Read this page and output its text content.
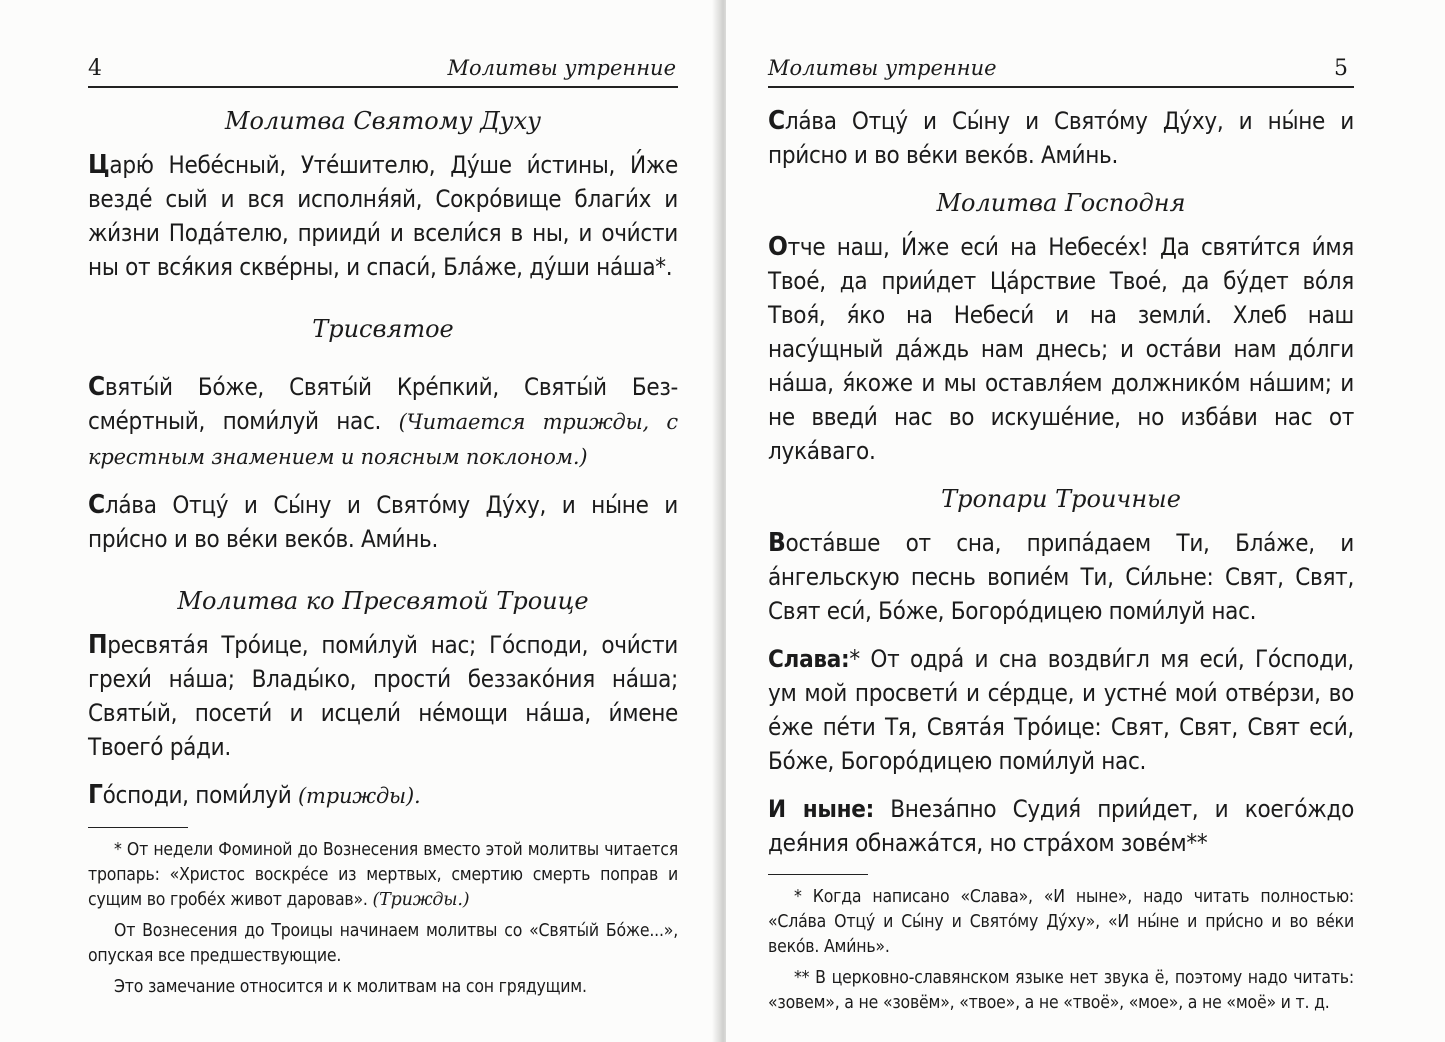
4	Молитвы утренние
Молитва Святому Духу

Царю́ Небе́сный, Уте́шителю, Ду́ше и́стины, И́же везде́ сый и вся исполня́яй, Сокро́вище благи́х и жи́зни Пода́телю, прииди́ и всели́ся в ны, и очи́сти ны от вся́кия скве́рны, и спаси́, Бла́же, ду́ши на́ша*.

Трисвятое

Святы́й Бо́же, Святы́й Кре́пкий, Святы́й Без-сме́ртный, поми́луй нас. (Читается трижды, с крестным знамением и поясным поклоном.)

Сла́ва Отцу́ и Сы́ну и Свято́му Ду́ху, и ны́не и при́сно и во ве́ки веко́в. Ами́нь.

Молитва ко Пресвятой Троице

Пресвята́я Тро́ице, поми́луй нас; Го́споди, очи́сти грехи́ на́ша; Влады́ко, прости́ беззако́ния на́ша; Святы́й, посети́ и исцели́ не́мощи на́ша, и́мене Твоего́ ра́ди.

Го́споди, поми́луй (трижды).

* От недели Фоминой до Вознесения вместо этой молитвы читается тропарь: «Христос воскре́се из мертвых, смертию смерть поправ и сущим во гробе́х живот даровав». (Трижды.)

От Вознесения до Троицы начинаем молитвы со «Святы́й Бо́же...», опуская все предшествующие.

Это замечание относится и к молитвам на сон грядущим.

Молитвы утренние	5

Сла́ва Отцу́ и Сы́ну и Свято́му Ду́ху, и ны́не и при́сно и во ве́ки веко́в. Ами́нь.

Молитва Господня

Отче наш, И́же еси́ на Небесе́х! Да святи́тся и́мя Твое́, да прии́дет Ца́рствие Твое́, да бу́дет во́ля Твоя́, я́ко на Небеси́ и на земли́. Хлеб наш насу́щный да́ждь нам днесь; и оста́ви нам до́лги на́ша, я́коже и мы оставля́ем должнико́м на́шим; и не введи́ нас во искуше́ние, но изба́ви нас от лука́ваго.

Тропари Троичные

Воста́вше от сна, припа́даем Ти, Бла́же, и а́нгельскую песнь вопие́м Ти, Си́льне: Свят, Свят, Свят еси́, Бо́же, Богоро́дицею поми́луй нас.

Слава:* От одра́ и сна воздви́гл мя еси́, Го́споди, ум мой просвети́ и се́рдце, и устне́ мои́ отве́рзи, во е́же пе́ти Тя, Свята́я Тро́ице: Свят, Свят, Свят еси́, Бо́же, Богоро́дицею поми́луй нас.

И ныне: Внеза́пно Судия́ прии́дет, и коего́ждо дея́ния обнажа́тся, но стра́хом зове́м**

* Когда написано «Слава», «И ныне», надо читать полностью: «Сла́ва Отцу́ и Сы́ну и Свято́му Ду́ху», «И ны́не и при́сно и во ве́ки веко́в. Ами́нь».

** В церковно-славянском языке нет звука ё, поэтому надо читать: «зовем», а не «зовём», «твое», а не «твоё», «мое», а не «моё» и т. д.
